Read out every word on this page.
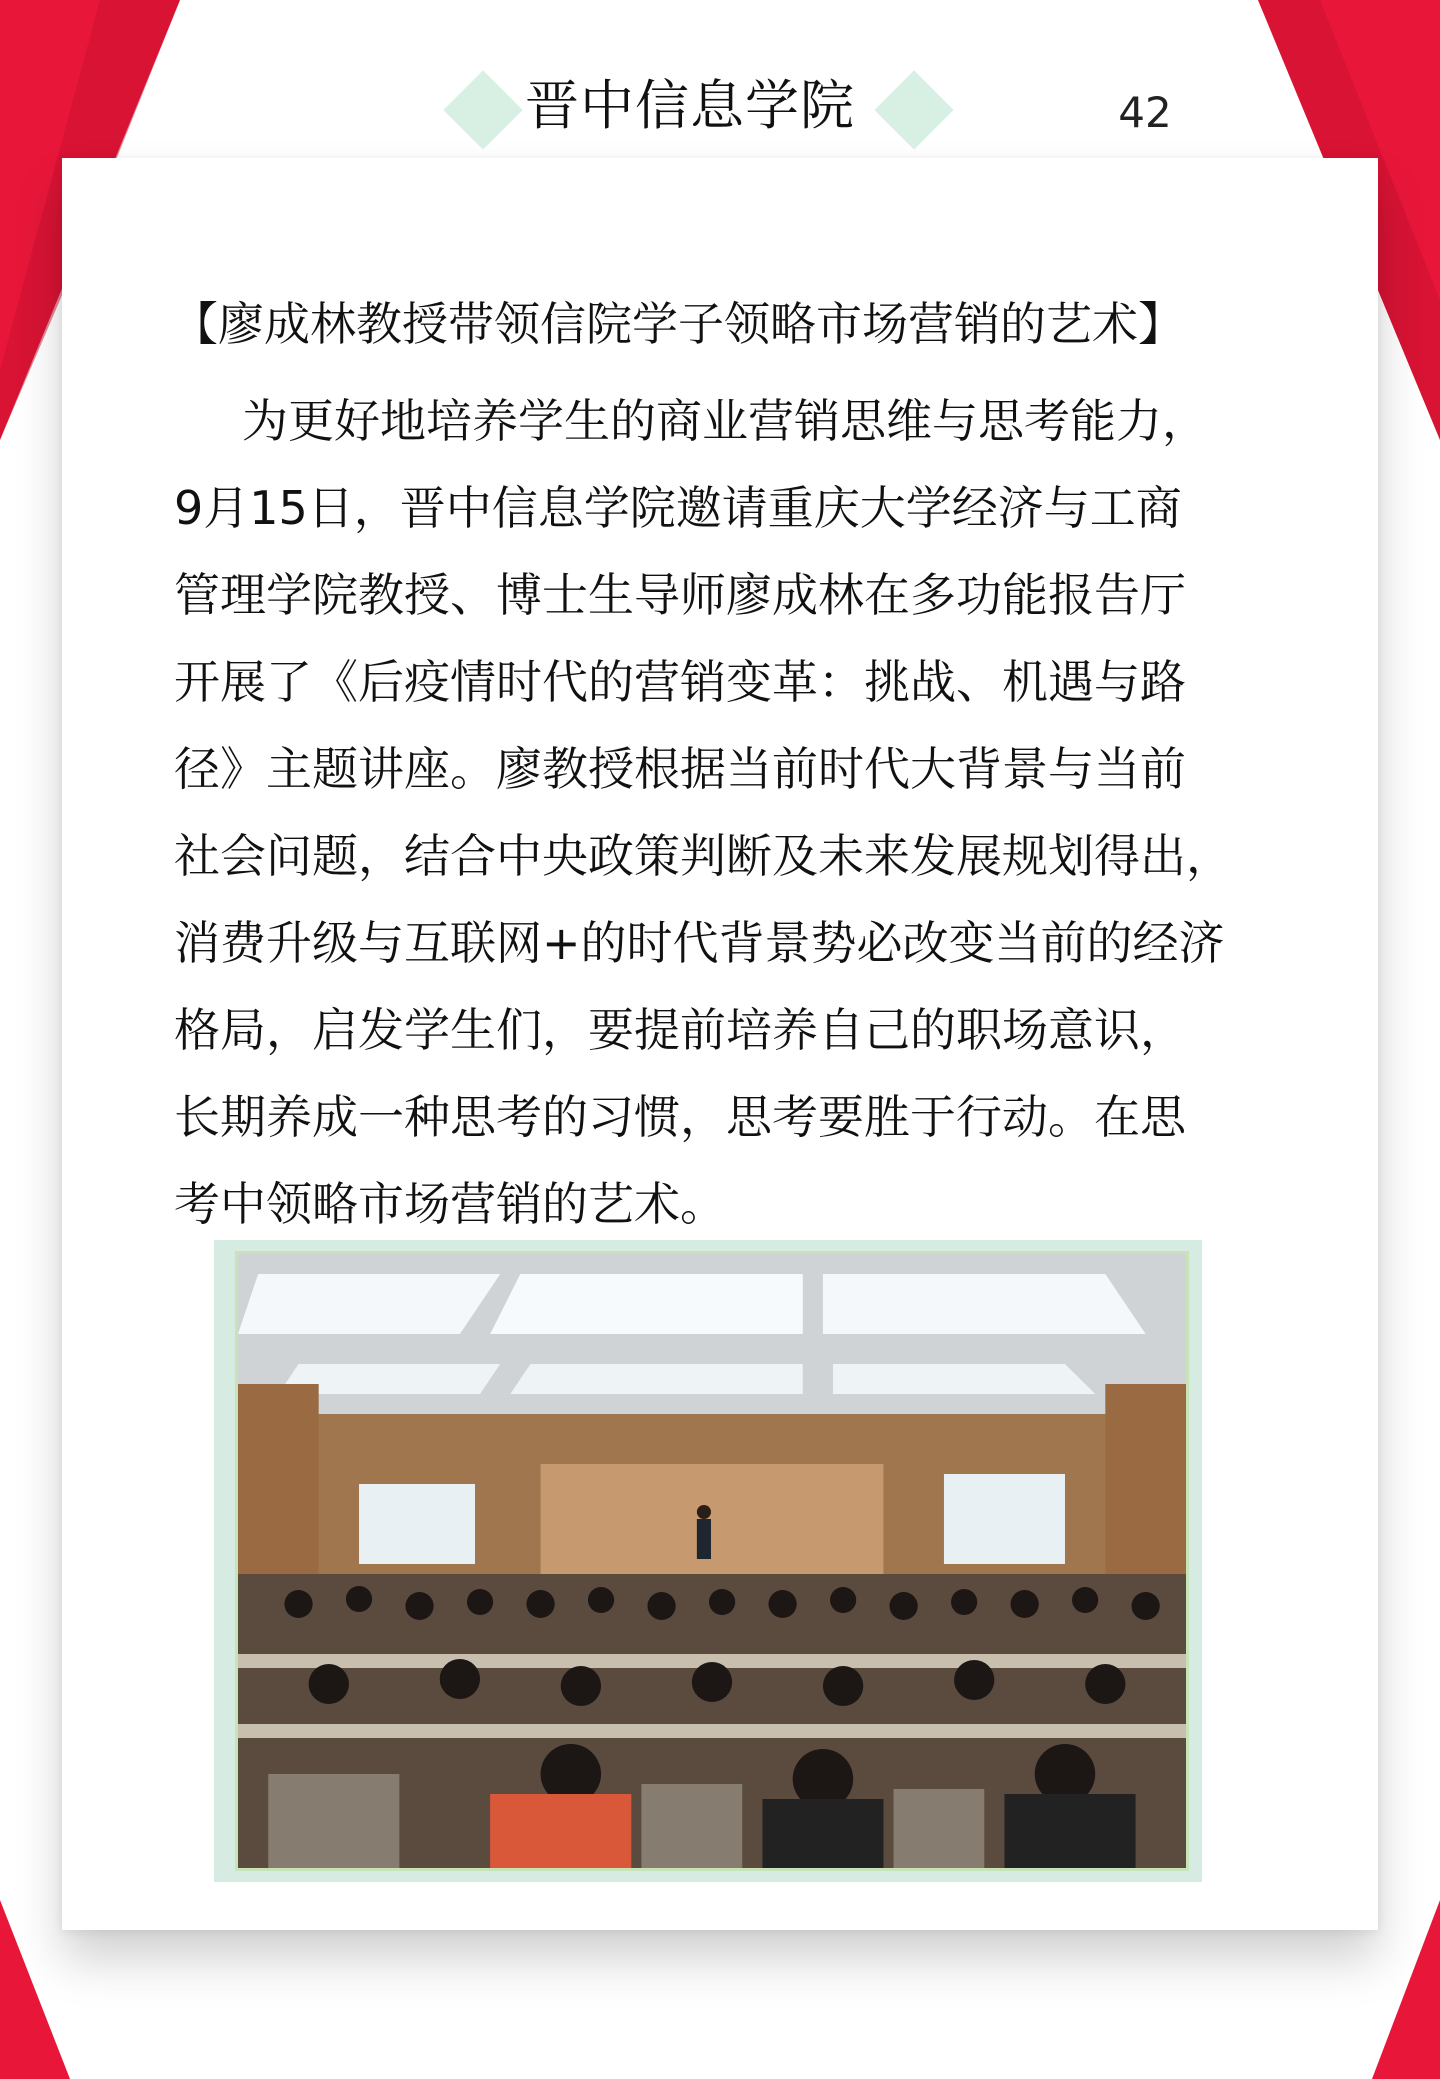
晋中信息学院	42
【廖成林教授带领信院学子领略市场营销的艺术】
为更好地培养学生的商业营销思维与思考能力，
9月15日，晋中信息学院邀请重庆大学经济与工商
管理学院教授、博士生导师廖成林在多功能报告厅
开展了《后疫情时代的营销变革：挑战、机遇与路
径》主题讲座。廖教授根据当前时代大背景与当前
社会问题，结合中央政策判断及未来发展规划得出，
消费升级与互联网+的时代背景势必改变当前的经济
格局，启发学生们，要提前培养自己的职场意识，
长期养成一种思考的习惯，思考要胜于行动。在思
考中领略市场营销的艺术。
